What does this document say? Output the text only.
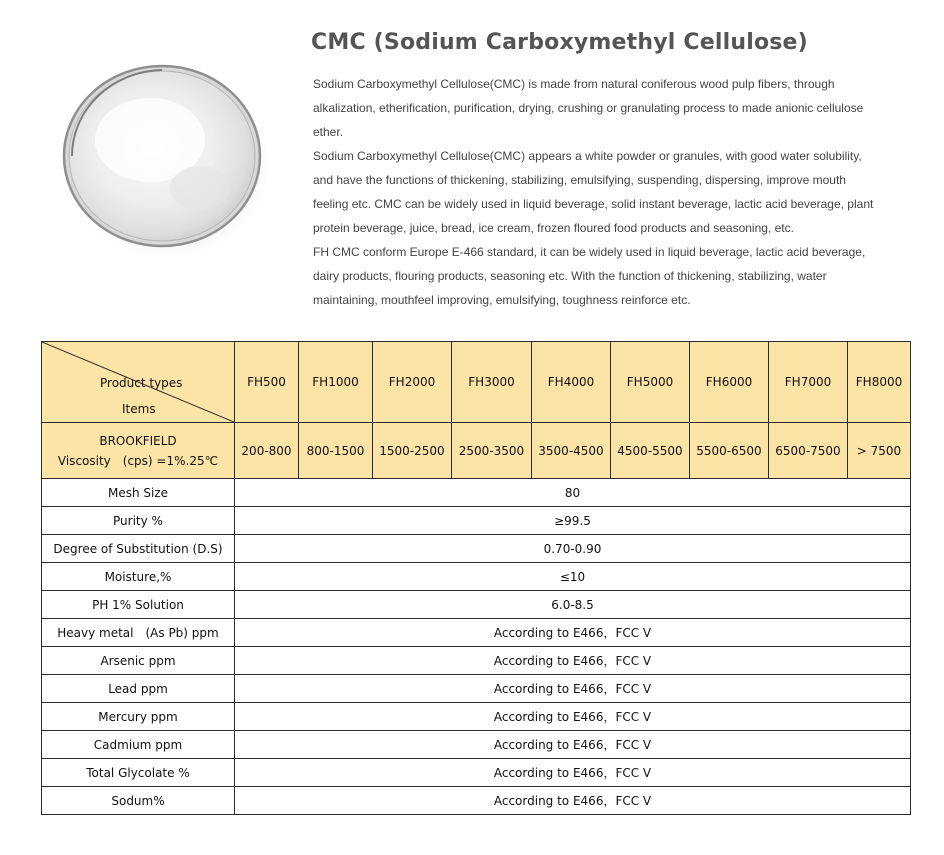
CMC (Sodium Carboxymethyl Cellulose)
Sodium Carboxymethyl Cellulose(CMC) is made from natural coniferous wood pulp fibers, through
alkalization, etherification, purification, drying, crushing or granulating process to made anionic cellulose
ether.
Sodium Carboxymethyl Cellulose(CMC) appears a white powder or granules, with good water solubility,
and have the functions of thickening, stabilizing, emulsifying, suspending, dispersing, improve mouth
feeling etc. CMC can be widely used in liquid beverage, solid instant beverage, lactic acid beverage, plant
protein beverage, juice, bread, ice cream, frozen floured food products and seasoning, etc.
FH CMC conform Europe E-466 standard, it can be widely used in liquid beverage, lactic acid beverage,
dairy products, flouring products, seasoning etc. With the function of thickening, stabilizing, water
maintaining, mouthfeel improving, emulsifying, toughness reinforce etc.
Product types
Items	FH500	FH1000	FH2000	FH3000	FH4000	FH5000	FH6000	FH7000	FH8000

BROOKFIELD
Viscosity　(cps) =1%.25℃	200-800	800-1500	1500-2500	2500-3500	3500-4500	4500-5500	5500-6500	6500-7500	> 7500
Mesh Size	80								
Purity %	≥99.5								
Degree of Substitution (D.S)	0.70-0.90								
Moisture,%	≤10								
PH 1% Solution	6.0-8.5								
Heavy metal　(As Pb) ppm	According to E466，FCC V								
Arsenic ppm	According to E466，FCC V								
Lead ppm	According to E466，FCC V								
Mercury ppm	According to E466，FCC V								
Cadmium ppm	According to E466，FCC V								
Total Glycolate %	According to E466，FCC V								
Sodum%	According to E466，FCC V								
